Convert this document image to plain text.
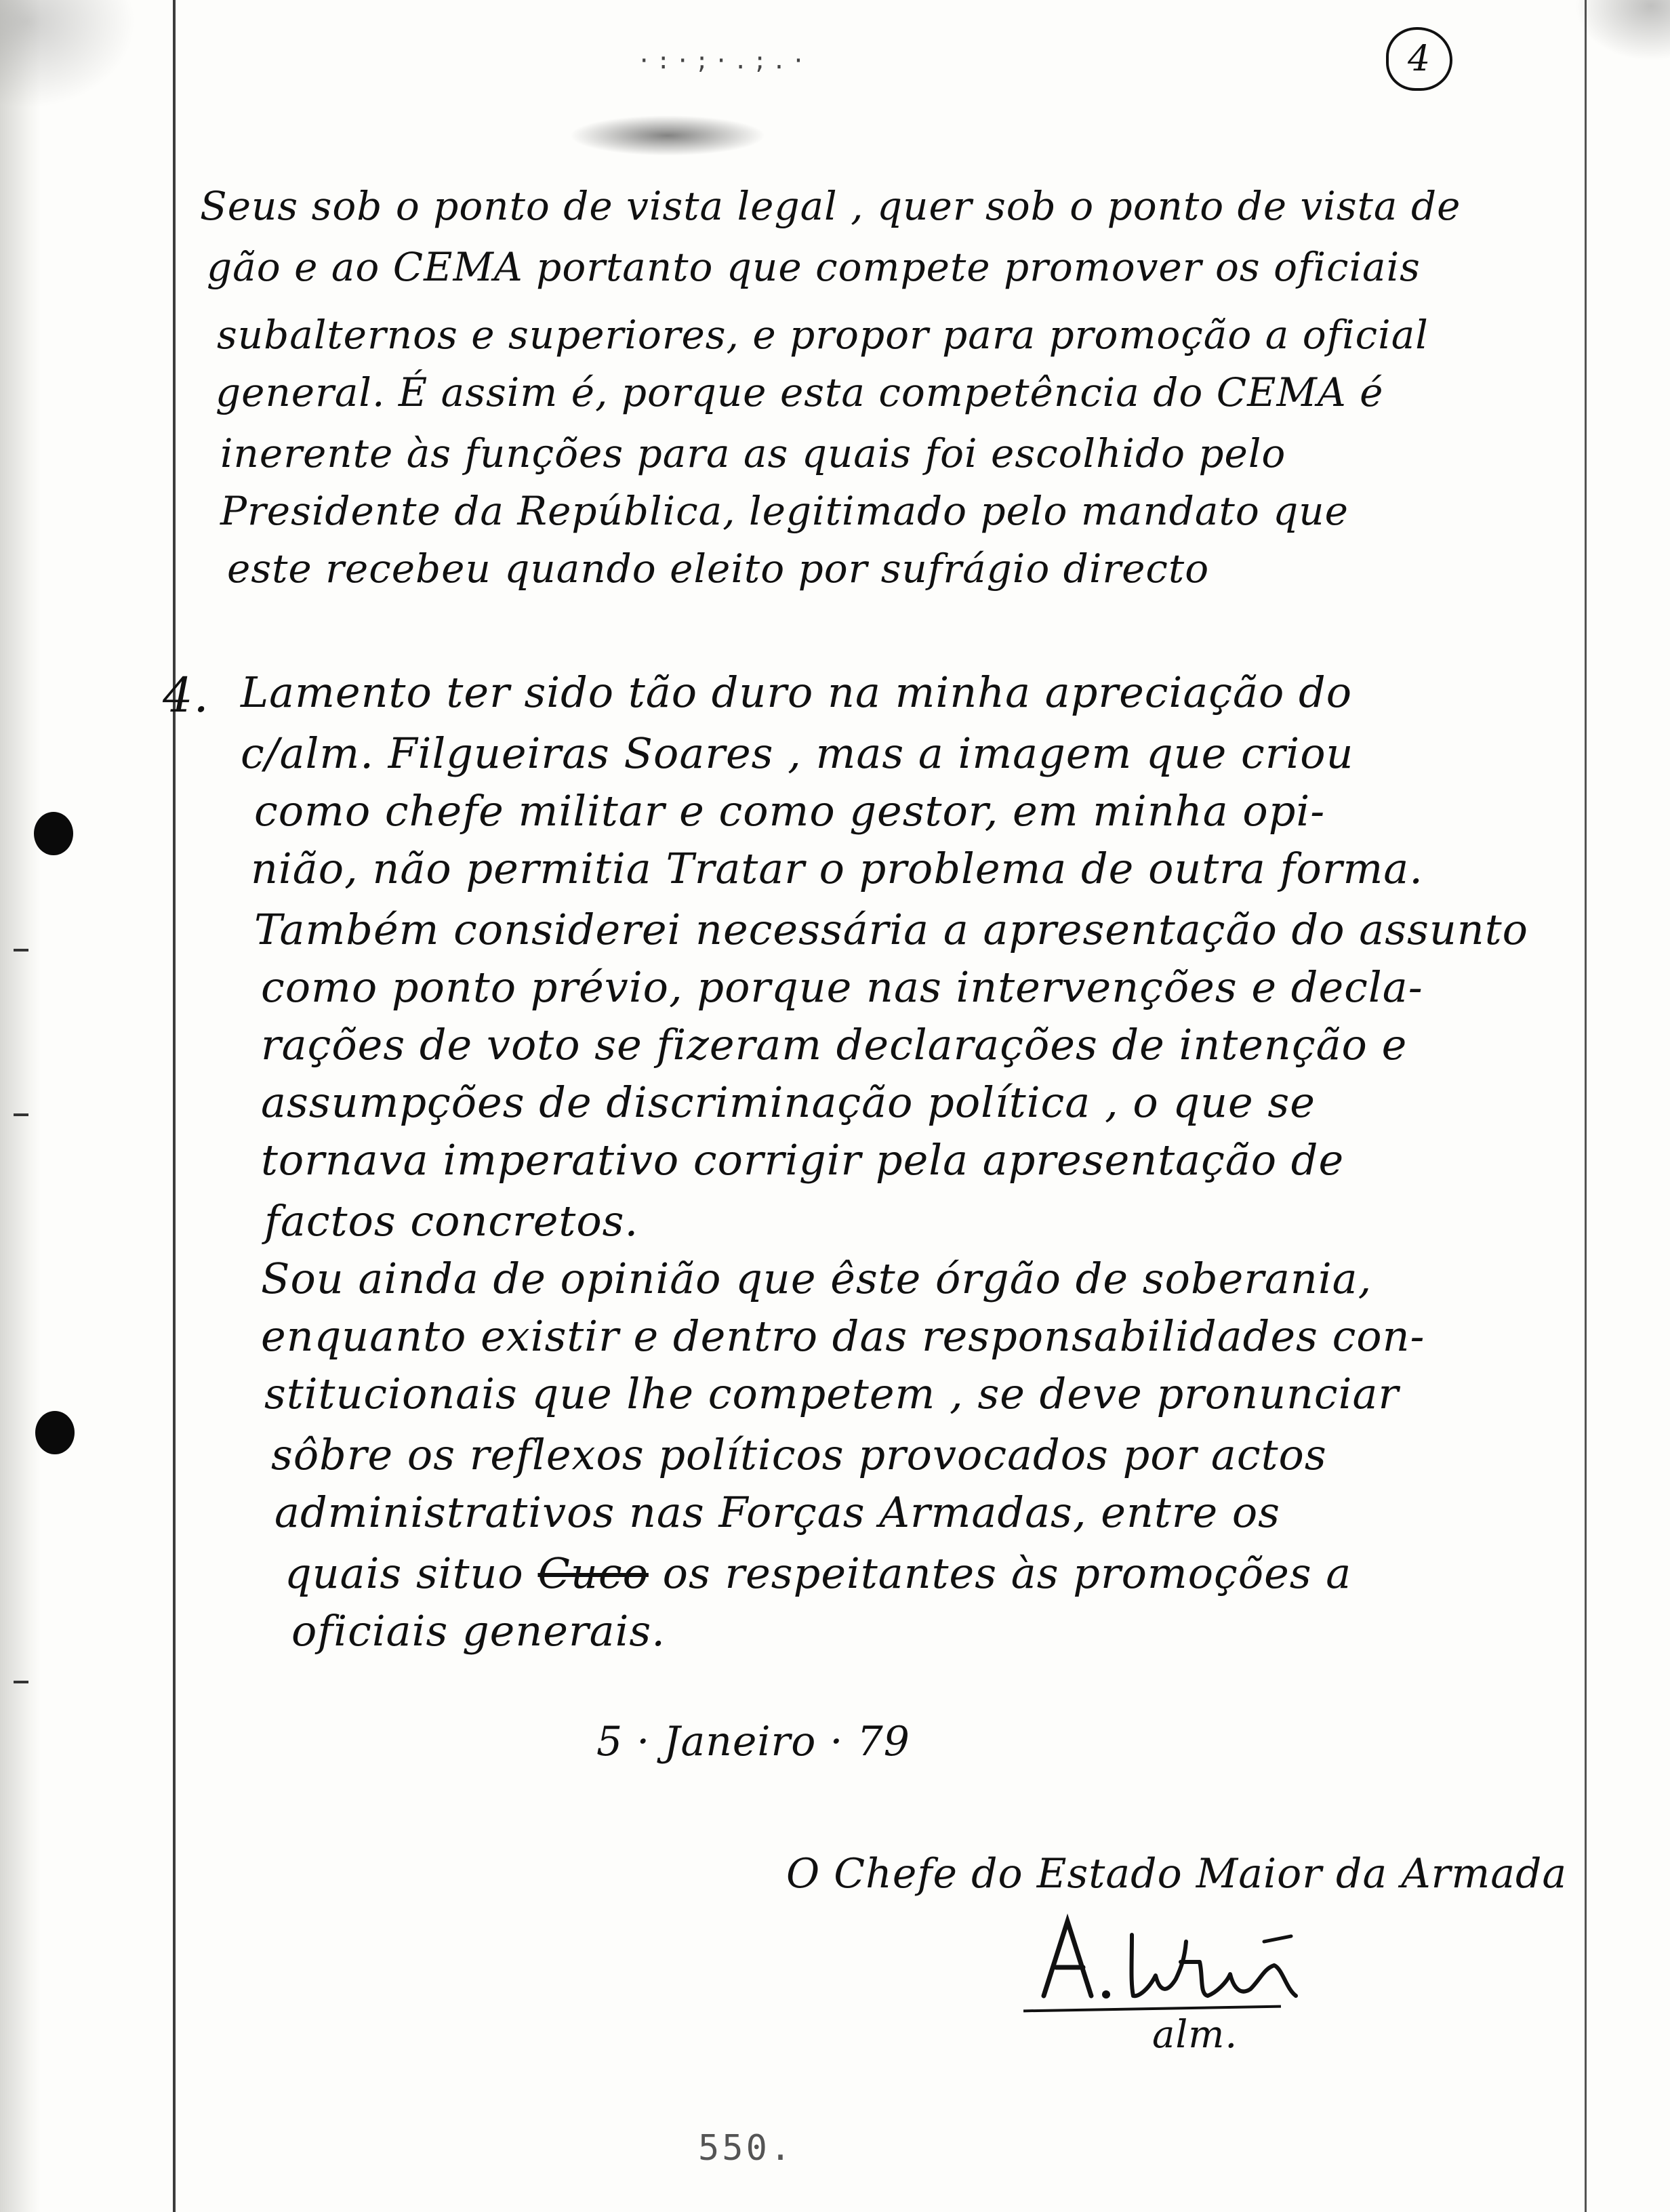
·:·;·.;.·	4
Seus sob o ponto de vista legal , quer sob o ponto de vista de
gão e ao CEMA portanto que compete promover os oficiais
subalternos e superiores, e propor para promoção a oficial
general. É assim é, porque esta competência do CEMA é
inerente às funções para as quais foi escolhido pelo
Presidente da República, legitimado pelo mandato que
este recebeu quando eleito por sufrágio directo
4. Lamento ter sido tão duro na minha apreciação do
c/alm. Filgueiras Soares , mas a imagem que criou
como chefe militar e como gestor, em minha opi-
nião, não permitia Tratar o problema de outra forma.
Também considerei necessária a apresentação do assunto
como ponto prévio, porque nas intervenções e decla-
rações de voto se fizeram declarações de intenção e
assumpções de discriminação política , o que se
tornava imperativo corrigir pela apresentação de
factos concretos.
Sou ainda de opinião que êste órgão de soberania,
enquanto existir e dentro das responsabilidades con-
stitucionais que lhe competem , se deve pronunciar
sôbre os reflexos políticos provocados por actos
administrativos nas Forças Armadas, entre os
quais situo Cuco os respeitantes às promoções a
oficiais generais.
5 · Janeiro · 79
O Chefe do Estado Maior da Armada
alm.
550.
